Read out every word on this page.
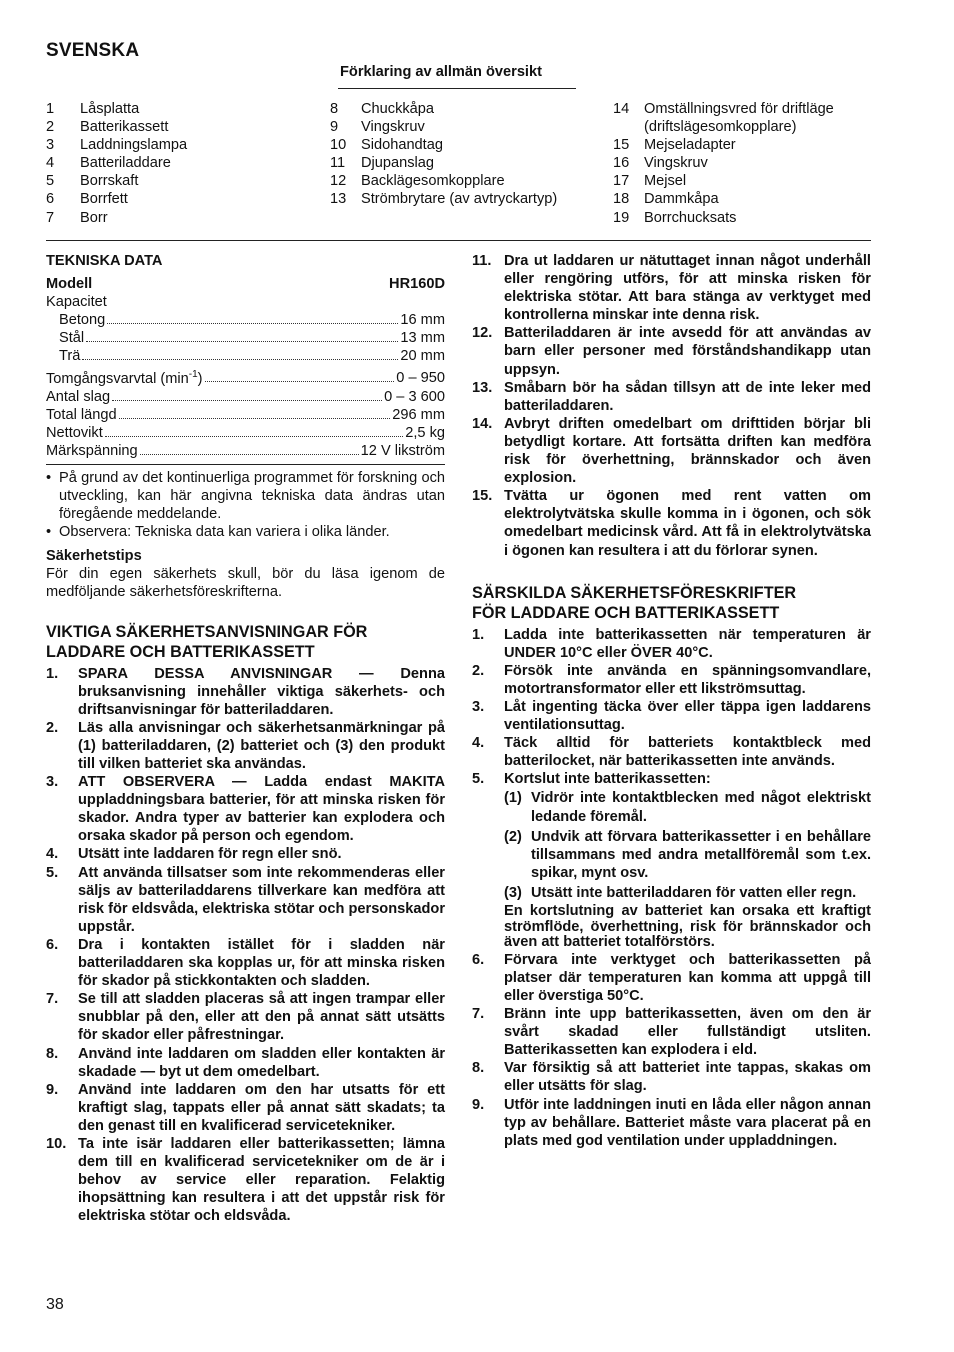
SVENSKA
Förklaring av allmän översikt
1	Låsplatta
2	Batterikassett
3	Laddningslampa
4	Batteriladdare
5	Borrskaft
6	Borrfett
7	Borr
8	Chuckkåpa
9	Vingskruv
10	Sidohandtag
11	Djupanslag
12	Backlägesomkopplare
13	Strömbrytare (av avtryckartyp)
14	Omställningsvred för driftläge (driftslägesomkopplare)
15	Mejseladapter
16	Vingskruv
17	Mejsel
18	Dammkåpa
19	Borrchucksats
TEKNISKA DATA
Modell	HR160D
Kapacitet
Betong	16 mm
Stål	13 mm
Trä	20 mm
Tomgångsvarvtal $(\min^{-1})$	0 – 950
Antal slag	0 – 3 600
Total längd	296 mm
Nettovikt	2,5 kg
Märkspänning	12 V likström
• På grund av det kontinuerliga programmet för forskning och utveckling, kan här angivna tekniska data ändras utan föregående meddelande.
• Observera: Tekniska data kan variera i olika länder.
Säkerhetstips
För din egen säkerhets skull, bör du läsa igenom de medföljande säkerhetsföreskrifterna.
VIKTIGA SÄKERHETSANVISNINGAR FÖR
LADDARE OCH BATTERIKASSETT
1.	SPARA DESSA ANVISNINGAR — Denna bruksanvisning innehåller viktiga säkerhets- och driftsanvisningar för batteriladdaren.
2.	Läs alla anvisningar och säkerhetsanmärkningar på (1) batteriladdaren, (2) batteriet och (3) den produkt till vilken batteriet ska användas.
3.	ATT OBSERVERA — Ladda endast MAKITA uppladdningsbara batterier, för att minska risken för skador. Andra typer av batterier kan explodera och orsaka skador på person och egendom.
4.	Utsätt inte laddaren för regn eller snö.
5.	Att använda tillsatser som inte rekommenderas eller säljs av batteriladdarens tillverkare kan medföra att risk för eldsvåda, elektriska stötar och personskador uppstår.
6.	Dra i kontakten istället för i sladden när batteriladdaren ska kopplas ur, för att minska risken för skador på stickkontakten och sladden.
7.	Se till att sladden placeras så att ingen trampar eller snubblar på den, eller att den på annat sätt utsätts för skador eller påfrestningar.
8.	Använd inte laddaren om sladden eller kontakten är skadade — byt ut dem omedelbart.
9.	Använd inte laddaren om den har utsatts för ett kraftigt slag, tappats eller på annat sätt skadats; ta den genast till en kvalificerad servicetekniker.
10. Ta inte isär laddaren eller batterikassetten; lämna dem till en kvalificerad servicetekniker om de är i behov av service eller reparation. Felaktig ihopsättning kan resultera i att det uppstår risk för elektriska stötar och eldsvåda.
11. Dra ut laddaren ur nätuttaget innan något underhåll eller rengöring utförs, för att minska risken för elektriska stötar. Att bara stänga av verktyget med kontrollerna minskar inte denna risk.
12. Batteriladdaren är inte avsedd för att användas av barn eller personer med förståndshandikapp utan uppsyn.
13. Småbarn bör ha sådan tillsyn att de inte leker med batteriladdaren.
14. Avbryt driften omedelbart om drifttiden börjar bli betydligt kortare. Att fortsätta driften kan medföra risk för överhettning, brännskador och även explosion.
15. Tvätta ur ögonen med rent vatten om elektrolytvätska skulle komma in i ögonen, och sök omedelbart medicinsk vård. Att få in elektrolytvätska i ögonen kan resultera i att du förlorar synen.
SÄRSKILDA SÄKERHETSFÖRESKRIFTER
FÖR LADDARE OCH BATTERIKASSETT
1.	Ladda inte batterikassetten när temperaturen är UNDER 10°C eller ÖVER 40°C.
2.	Försök inte använda en spänningsomvandlare, motortransformator eller ett likströmsuttag.
3.	Låt ingenting täcka över eller täppa igen laddarens ventilationsuttag.
4.	Täck alltid för batteriets kontaktbleck med batterilocket, när batterikassetten inte används.
5.	Kortslut inte batterikassetten:
(1) Vidrör inte kontaktblecken med något elektriskt ledande föremål.
(2) Undvik att förvara batterikassetter i en behållare tillsammans med andra metallföremål som t.ex. spikar, mynt osv.
(3) Utsätt inte batteriladdaren för vatten eller regn.
En kortslutning av batteriet kan orsaka ett kraftigt strömflöde, överhettning, risk för brännskador och även att batteriet totalförstörs.
6.	Förvara inte verktyget och batterikassetten på platser där temperaturen kan komma att uppgå till eller överstiga 50°C.
7.	Bränn inte upp batterikassetten, även om den är svårt skadad eller fullständigt utsliten. Batterikassetten kan explodera i eld.
8.	Var försiktig så att batteriet inte tappas, skakas om eller utsätts för slag.
9.	Utför inte laddningen inuti en låda eller någon annan typ av behållare. Batteriet måste vara placerat på en plats med god ventilation under uppladdningen.
38
